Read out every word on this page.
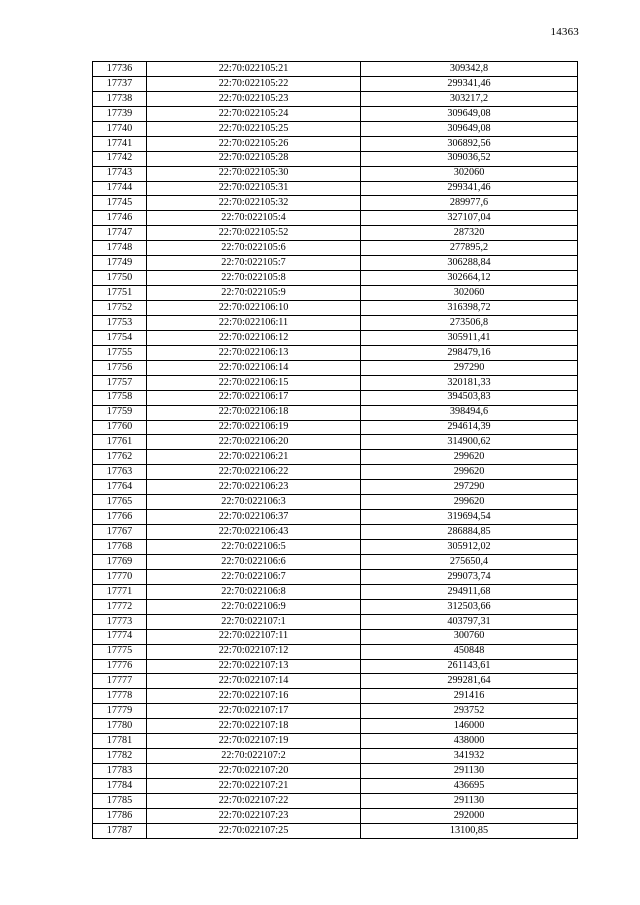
14363
17736	22:70:022105:21	309342,8
17737	22:70:022105:22	299341,46
17738	22:70:022105:23	303217,2
17739	22:70:022105:24	309649,08
17740	22:70:022105:25	309649,08
17741	22:70:022105:26	306892,56
17742	22:70:022105:28	309036,52
17743	22:70:022105:30	302060
17744	22:70:022105:31	299341,46
17745	22:70:022105:32	289977,6
17746	22:70:022105:4	327107,04
17747	22:70:022105:52	287320
17748	22:70:022105:6	277895,2
17749	22:70:022105:7	306288,84
17750	22:70:022105:8	302664,12
17751	22:70:022105:9	302060
17752	22:70:022106:10	316398,72
17753	22:70:022106:11	273506,8
17754	22:70:022106:12	305911,41
17755	22:70:022106:13	298479,16
17756	22:70:022106:14	297290
17757	22:70:022106:15	320181,33
17758	22:70:022106:17	394503,83
17759	22:70:022106:18	398494,6
17760	22:70:022106:19	294614,39
17761	22:70:022106:20	314900,62
17762	22:70:022106:21	299620
17763	22:70:022106:22	299620
17764	22:70:022106:23	297290
17765	22:70:022106:3	299620
17766	22:70:022106:37	319694,54
17767	22:70:022106:43	286884,85
17768	22:70:022106:5	305912,02
17769	22:70:022106:6	275650,4
17770	22:70:022106:7	299073,74
17771	22:70:022106:8	294911,68
17772	22:70:022106:9	312503,66
17773	22:70:022107:1	403797,31
17774	22:70:022107:11	300760
17775	22:70:022107:12	450848
17776	22:70:022107:13	261143,61
17777	22:70:022107:14	299281,64
17778	22:70:022107:16	291416
17779	22:70:022107:17	293752
17780	22:70:022107:18	146000
17781	22:70:022107:19	438000
17782	22:70:022107:2	341932
17783	22:70:022107:20	291130
17784	22:70:022107:21	436695
17785	22:70:022107:22	291130
17786	22:70:022107:23	292000
17787	22:70:022107:25	13100,85
